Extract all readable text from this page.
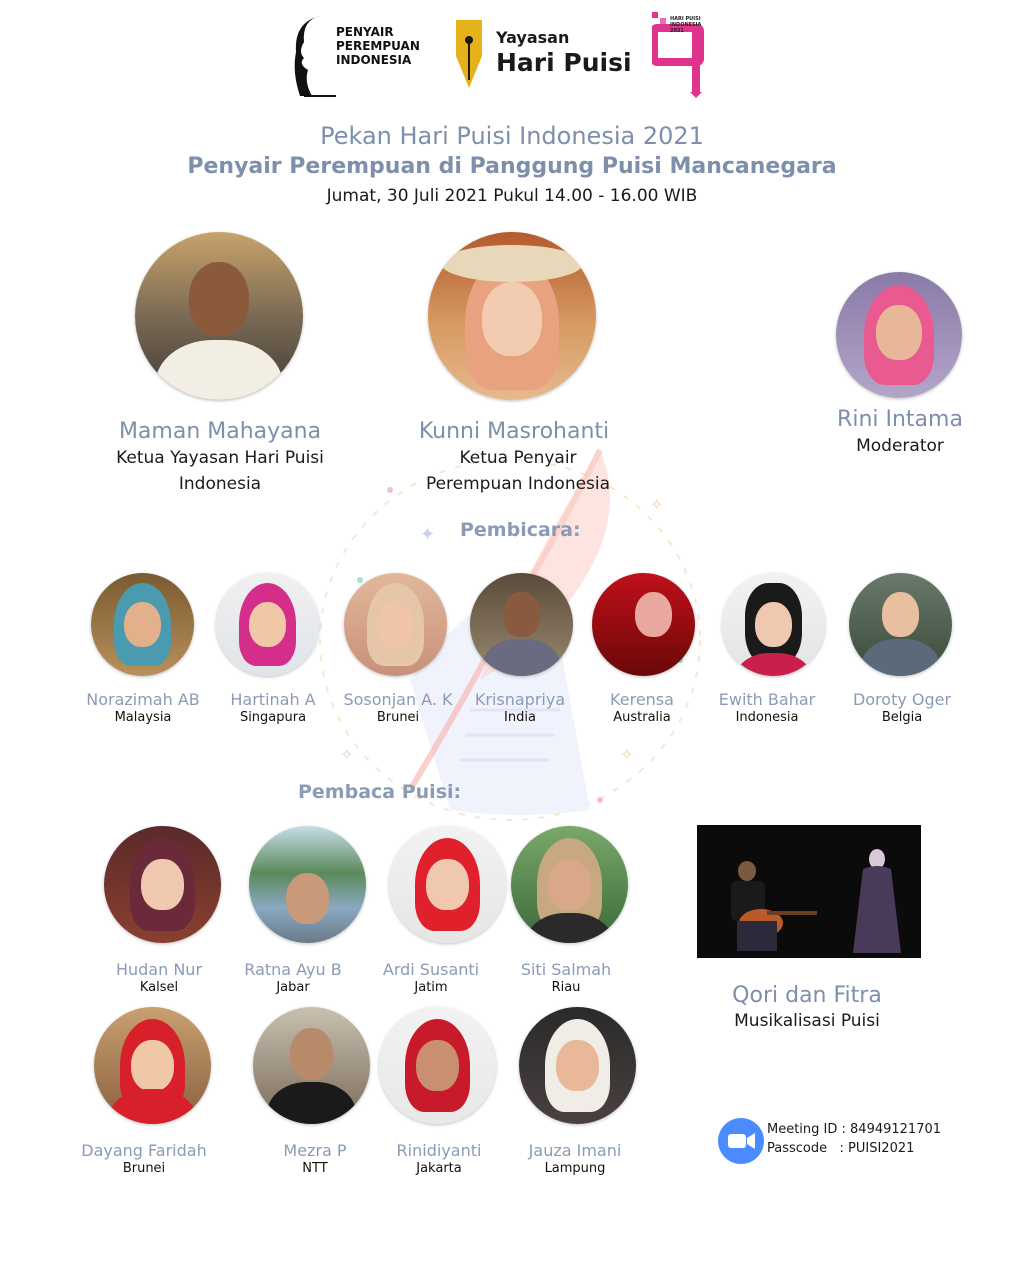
✦
✧
✧	✧
PENYAIR
PEREMPUAN
INDONESIA
Yayasan
Hari Puisi
HARI PUISI
INDONESIA 2021
Pekan Hari Puisi Indonesia 2021
Penyair Perempuan di Panggung Puisi Mancanegara
Jumat, 30 Juli 2021 Pukul 14.00 - 16.00 WIB
Maman Mahayana
Ketua Yayasan Hari Puisi
Indonesia
Kunni Masrohanti
Ketua Penyair
Perempuan Indonesia
Rini Intama
Moderator
Pembicara:
Norazimah AB
Malaysia
Hartinah A
Singapura
Sosonjan A. K
Brunei
Krisnapriya
India
Kerensa
Australia
Ewith Bahar
Indonesia
Doroty Oger
Belgia
Pembaca Puisi:
Hudan Nur
Kalsel
Ratna Ayu B
Jabar
Ardi Susanti
Jatim
Siti Salmah
Riau
Dayang Faridah
Brunei
Mezra P
NTT
Rinidiyanti
Jakarta
Jauza Imani
Lampung
Qori dan Fitra
Musikalisasi Puisi
Meeting ID : 84949121701
Passcode   : PUISI2021
